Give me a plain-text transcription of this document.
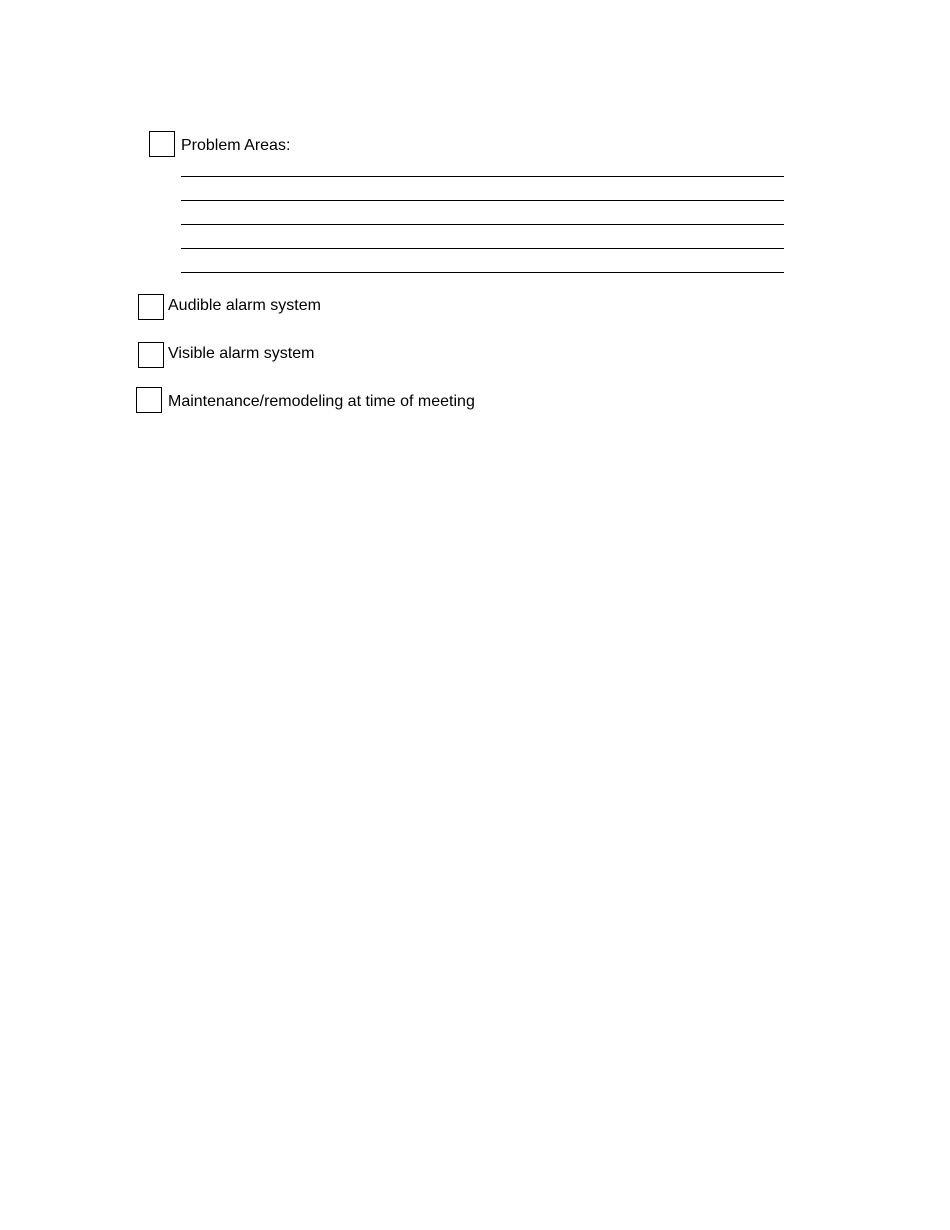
Problem Areas:
Audible alarm system
Visible alarm system
Maintenance/remodeling at time of meeting
